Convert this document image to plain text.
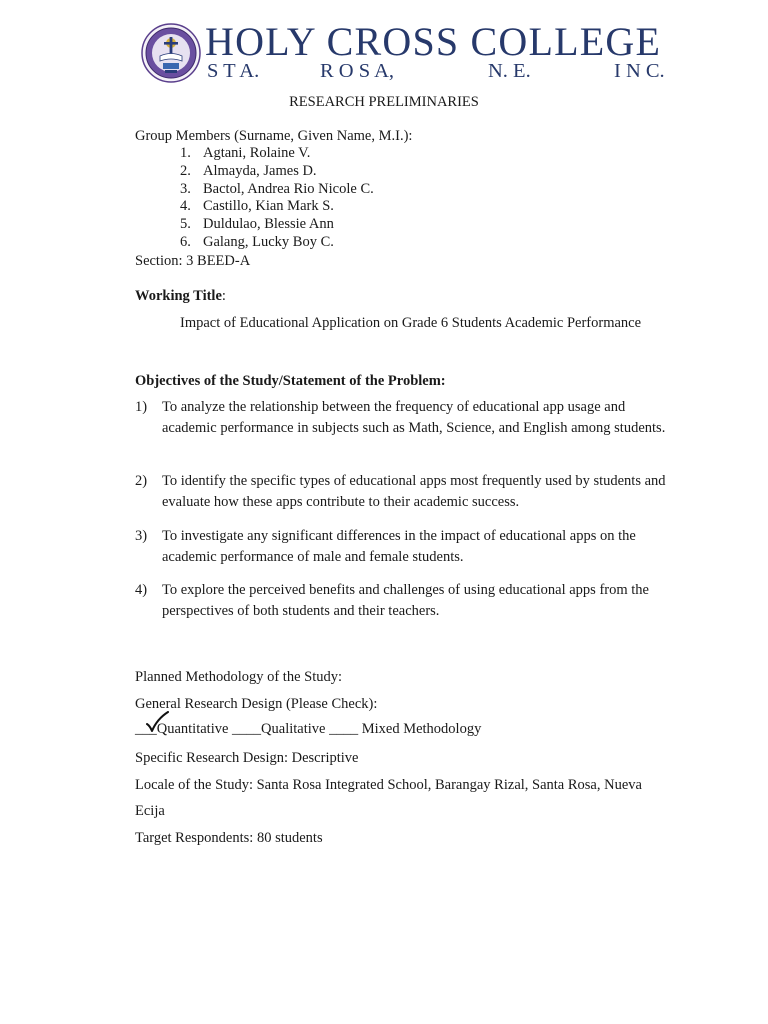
HOLY CROSS COLLEGE
S T A.	R O S A,	N. E.	I N C.
RESEARCH PRELIMINARIES
Group Members (Surname, Given Name, M.I.):
1. Agtani, Rolaine V.
2. Almayda, James D.
3. Bactol, Andrea Rio Nicole C.
4. Castillo, Kian Mark S.
5. Duldulao, Blessie Ann
6. Galang, Lucky Boy C.
Section: 3 BEED-A
Working Title:
Impact of Educational Application on Grade 6 Students Academic Performance
Objectives of the Study/Statement of the Problem:
1) To analyze the relationship between the frequency of educational app usage and academic performance in subjects such as Math, Science, and English among students.
2) To identify the specific types of educational apps most frequently used by students and evaluate how these apps contribute to their academic success.
3) To investigate any significant differences in the impact of educational apps on the academic performance of male and female students.
4) To explore the perceived benefits and challenges of using educational apps from the perspectives of both students and their teachers.
Planned Methodology of the Study:
General Research Design (Please Check):
___Quantitative ____Qualitative ____ Mixed Methodology
Specific Research Design: Descriptive
Locale of the Study: Santa Rosa Integrated School, Barangay Rizal, Santa Rosa, Nueva
Ecija
Target Respondents: 80 students
